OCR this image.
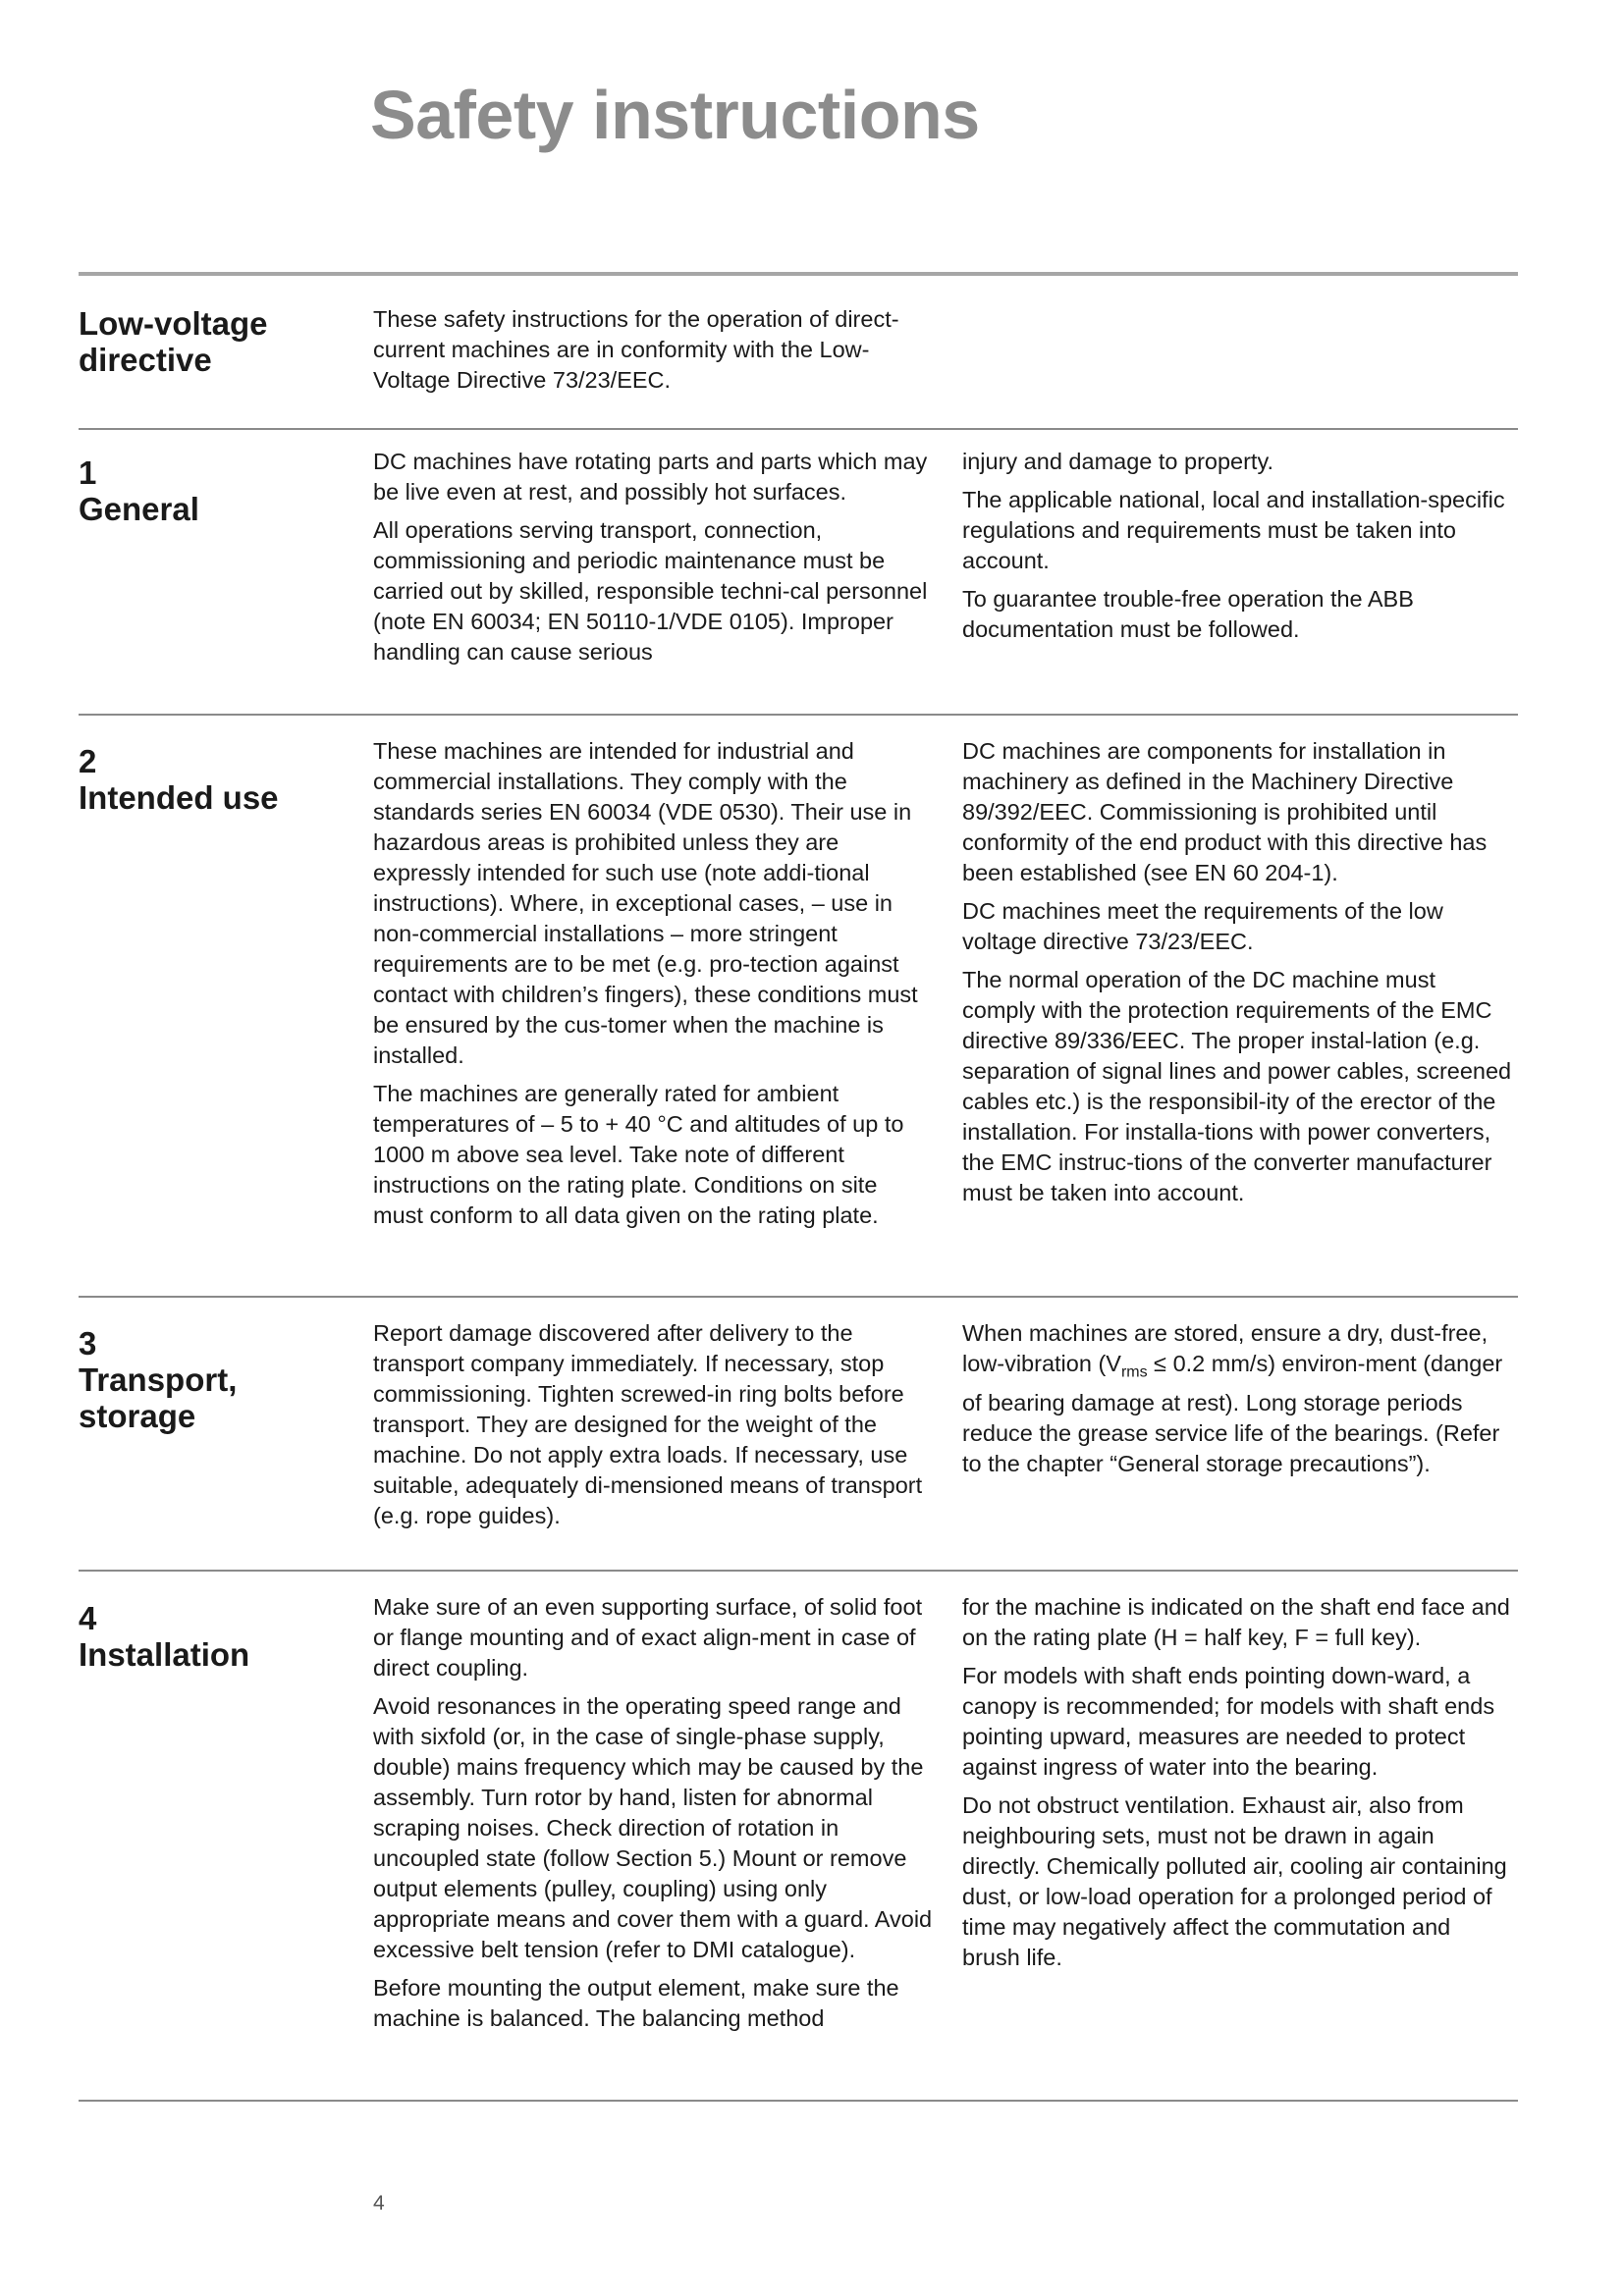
Safety instructions
Low-voltage directive

These safety instructions for the operation of direct-current machines are in conformity with the Low-Voltage Directive 73/23/EEC.

1
General

DC machines have rotating parts and parts which may be live even at rest, and possibly hot surfaces.

All operations serving transport, connection, commissioning and periodic maintenance must be carried out by skilled, responsible techni-cal personnel (note EN 60034; EN 50110-1/VDE 0105). Improper handling can cause serious

injury and damage to property.

The applicable national, local and installation-specific regulations and requirements must be taken into account.

To guarantee trouble-free operation the ABB documentation must be followed.

2
Intended use

These machines are intended for industrial and commercial installations. They comply with the standards series EN 60034 (VDE 0530). Their use in hazardous areas is prohibited unless they are expressly intended for such use (note addi-tional instructions). Where, in exceptional cases, – use in non-commercial installations – more stringent requirements are to be met (e.g. pro-tection against contact with children’s fingers), these conditions must be ensured by the cus-tomer when the machine is installed.

The machines are generally rated for ambient temperatures of – 5 to + 40 °C and altitudes of up to 1000 m above sea level. Take note of different instructions on the rating plate. Conditions on site must conform to all data given on the rating plate.

DC machines are components for installation in machinery as defined in the Machinery Directive 89/392/EEC. Commissioning is prohibited until conformity of the end product with this directive has been established (see EN 60 204-1).

DC machines meet the requirements of the low voltage directive 73/23/EEC.

The normal operation of the DC machine must comply with the protection requirements of the EMC directive 89/336/EEC. The proper instal-lation (e.g. separation of signal lines and power cables, screened cables etc.) is the responsibil-ity of the erector of the installation. For installa-tions with power converters, the EMC instruc-tions of the converter manufacturer must be taken into account.

3
Transport, storage

Report damage discovered after delivery to the transport company immediately. If necessary, stop commissioning. Tighten screwed-in ring bolts before transport. They are designed for the weight of the machine. Do not apply extra loads. If necessary, use suitable, adequately di-mensioned means of transport (e.g. rope guides).

When machines are stored, ensure a dry, dust-free, low-vibration ($V_{rms} \le 0.2$ mm/s) environ-ment (danger of bearing damage at rest). Long storage periods reduce the grease service life of the bearings. (Refer to the chapter “General storage precautions”).

4
Installation

Make sure of an even supporting surface, of solid foot or flange mounting and of exact align-ment in case of direct coupling.

Avoid resonances in the operating speed range and with sixfold (or, in the case of single-phase supply, double) mains frequency which may be caused by the assembly. Turn rotor by hand, listen for abnormal scraping noises. Check direction of rotation in uncoupled state (follow Section 5.) Mount or remove output elements (pulley, coupling) using only appropriate means and cover them with a guard. Avoid excessive belt tension (refer to DMI catalogue).

Before mounting the output element, make sure the machine is balanced. The balancing method

for the machine is indicated on the shaft end face and on the rating plate (H = half key, F = full key).

For models with shaft ends pointing down-ward, a canopy is recommended; for models with shaft ends pointing upward, measures are needed to protect against ingress of water into the bearing.

Do not obstruct ventilation. Exhaust air, also from neighbouring sets, must not be drawn in again directly. Chemically polluted air, cooling air containing dust, or low-load operation for a prolonged period of time may negatively affect the commutation and brush life.

4
